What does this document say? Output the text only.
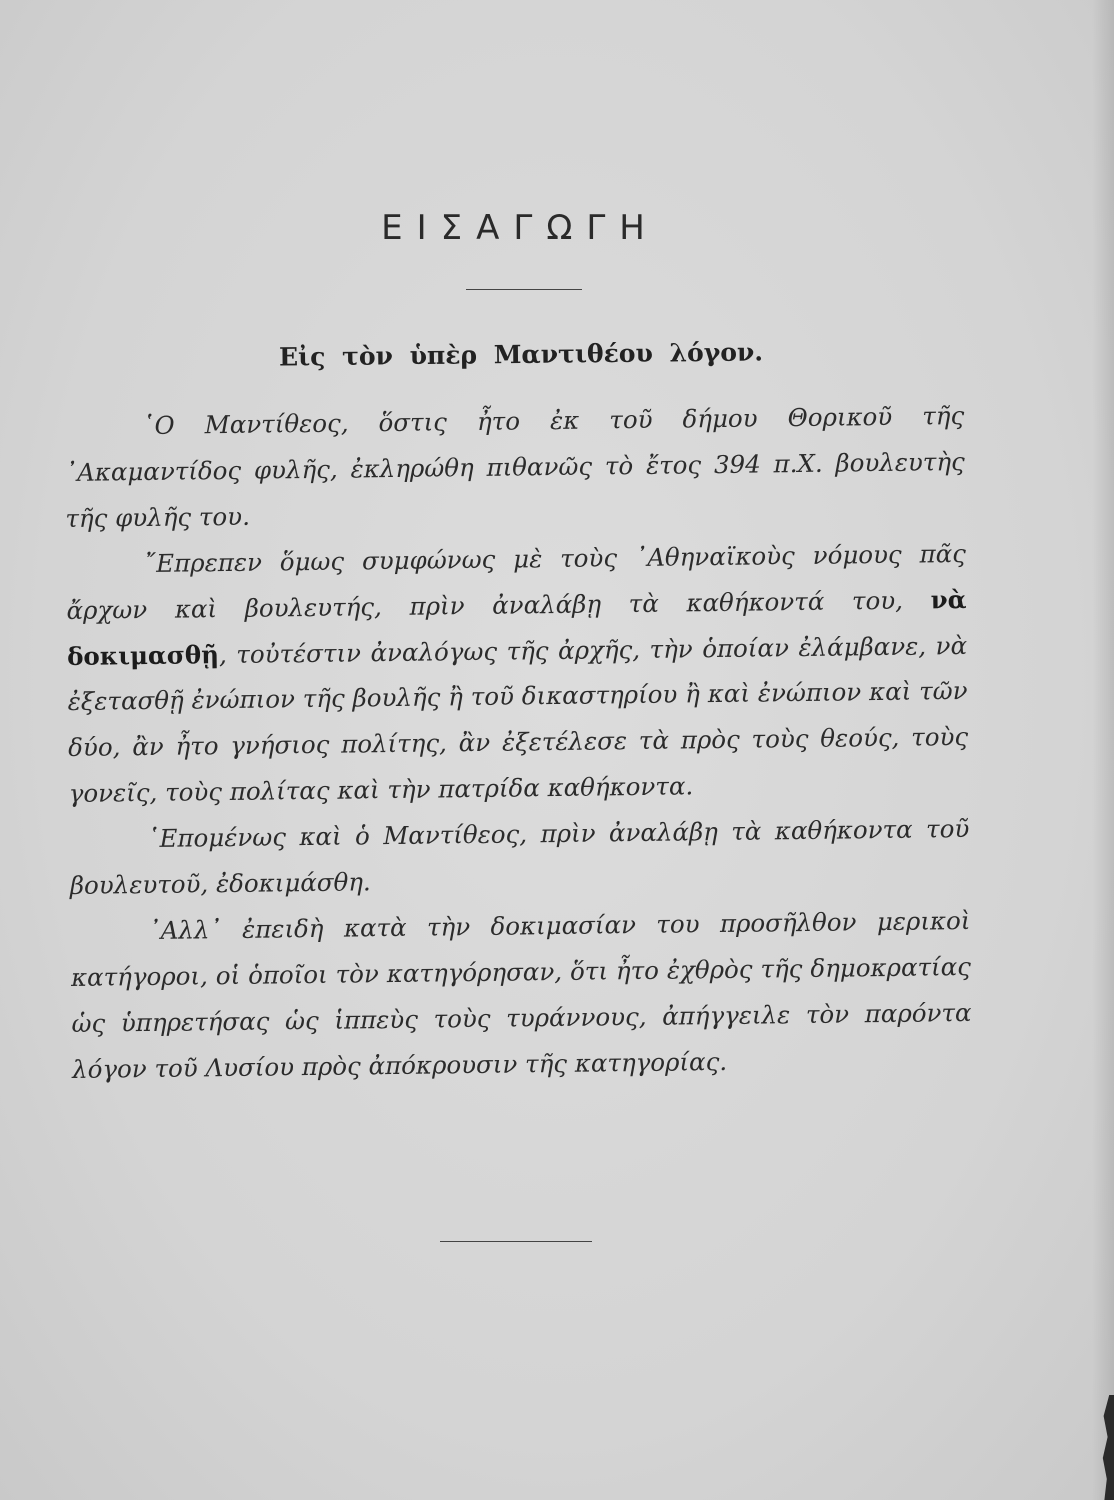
ΕΙΣΑΓΩΓΗ
Εἰς τὸν ὑπὲρ Μαντιθέου λόγον.

῾Ο Μαντίθεος, ὅστις ἦτο ἐκ τοῦ δήμου Θορικοῦ τῆς ᾿Ακαμαντίδος φυλῆς, ἐκληρώθη πιθανῶς τὸ ἔτος 394 π.Χ. βουλευτὴς τῆς φυλῆς του.

῎Επρεπεν ὅμως συμφώνως μὲ τοὺς ᾿Αθηναϊκοὺς νόμους πᾶς ἄρχων καὶ βουλευτής, πρὶν ἀναλάβῃ τὰ καθήκοντά του, νὰ δοκιμασθῇ, τοὐτέστιν ἀναλόγως τῆς ἀρχῆς, τὴν ὁποίαν ἐλάμβανε, νὰ ἐξετασθῇ ἐνώπιον τῆς βουλῆς ἢ τοῦ δικαστηρίου ἢ καὶ ἐνώπιον καὶ τῶν δύο, ἂν ἦτο γνήσιος πολίτης, ἂν ἐξετέλεσε τὰ πρὸς τοὺς θεούς, τοὺς γονεῖς, τοὺς πολίτας καὶ τὴν πατρίδα καθήκοντα.

῾Επομένως καὶ ὁ Μαντίθεος, πρὶν ἀναλάβῃ τὰ καθήκοντα τοῦ βουλευτοῦ, ἐδοκιμάσθη.

᾿Αλλ᾿ ἐπειδὴ κατὰ τὴν δοκιμασίαν του προσῆλθον μερικοὶ κατήγοροι, οἱ ὁποῖοι τὸν κατηγόρησαν, ὅτι ἦτο ἐχθρὸς τῆς δημοκρατίας ὡς ὑπηρετήσας ὡς ἱππεὺς τοὺς τυράννους, ἀπήγγειλε τὸν παρόντα λόγον τοῦ Λυσίου πρὸς ἀπόκρουσιν τῆς κατηγορίας.
